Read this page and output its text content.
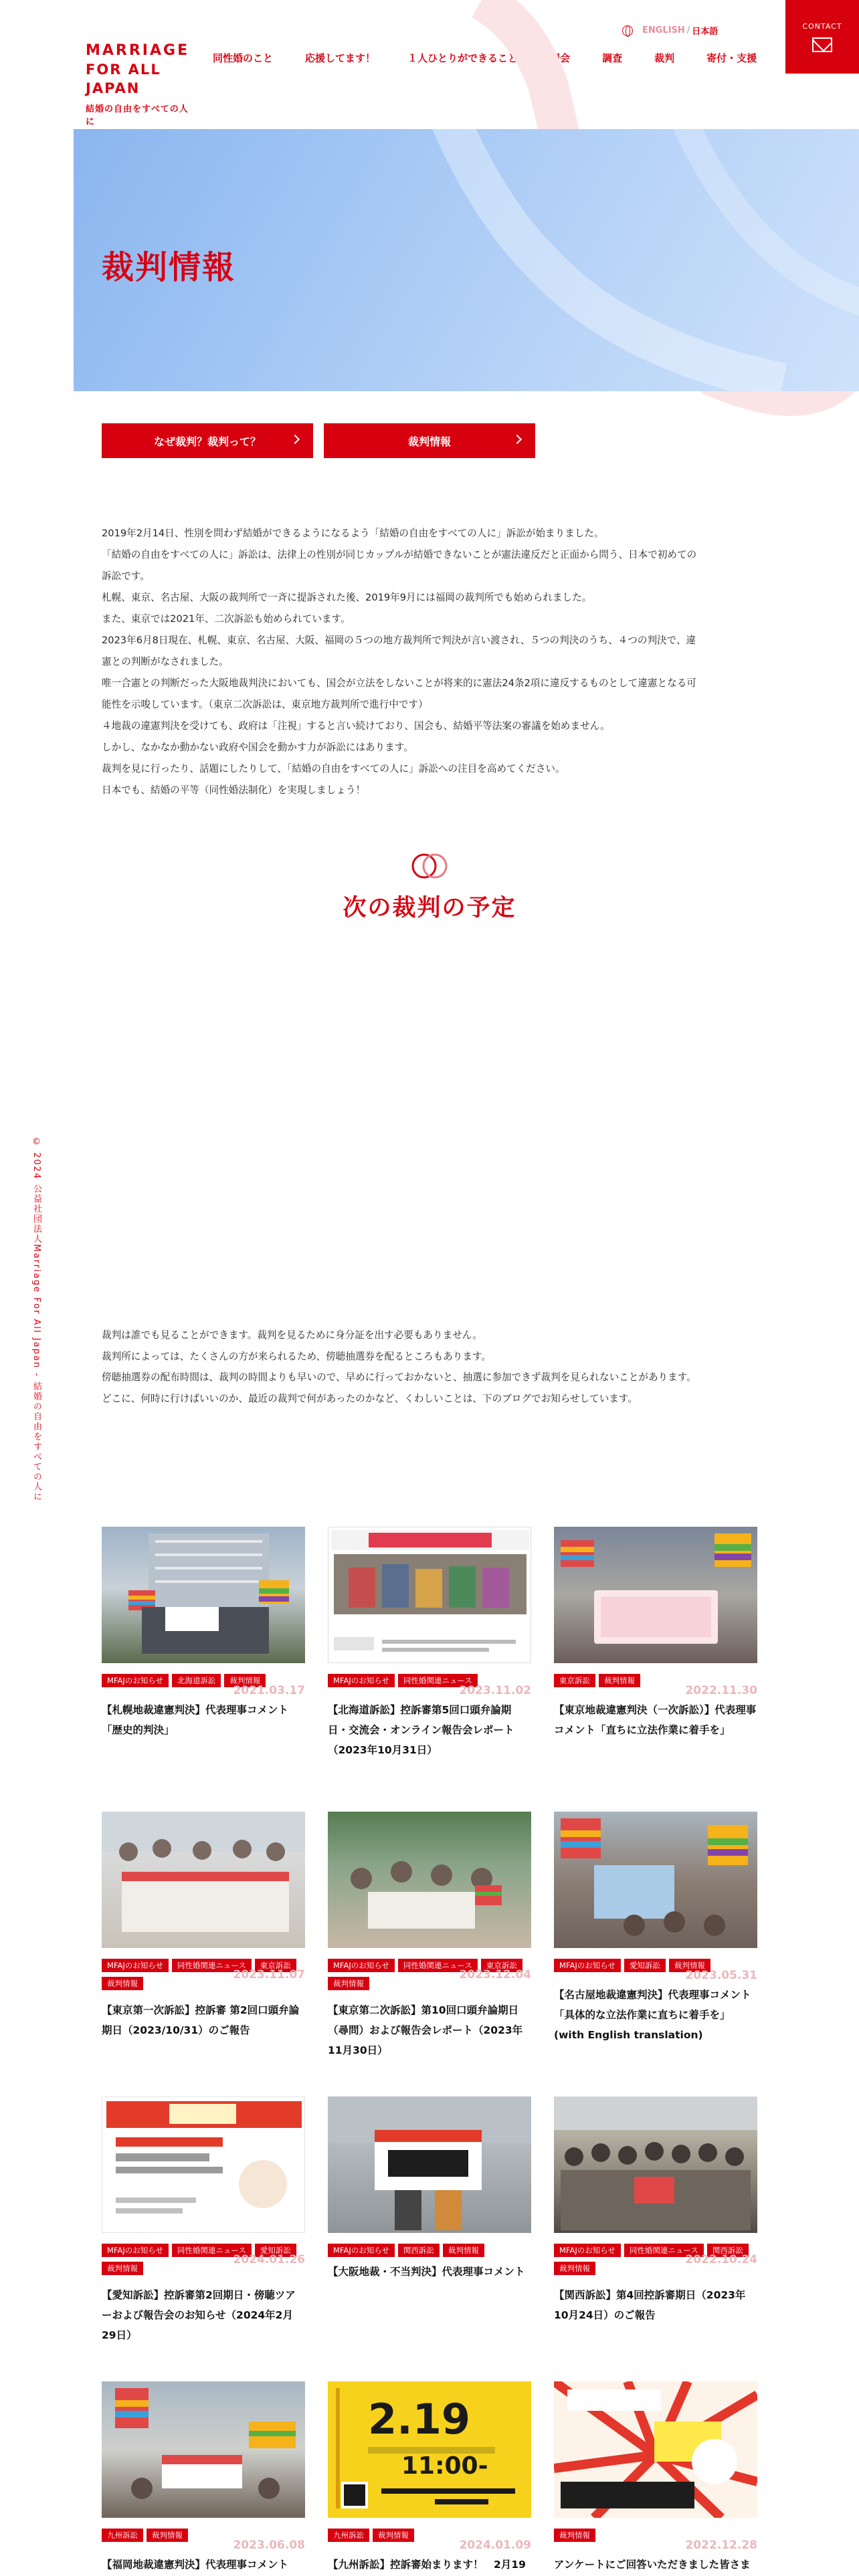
MARRIAGE
FOR ALL JAPAN
結婚の自由をすべての人に
ENGLISH / 日本語
同性婚のこと	応援してます！	１人ひとりができること	国会	調査	裁判	寄付・支援
CONTACT
裁判情報
© 2024 公益社団法人Marriage For All Japan - 結婚の自由をすべての人に
なぜ裁判？裁判って？	裁判情報

2019年2月14日、性別を問わず結婚ができるようになるよう「結婚の自由をすべての人に」訴訟が始まりました。

「結婚の自由をすべての人に」訴訟は、法律上の性別が同じカップルが結婚できないことが憲法違反だと正面から問う、日本で初めての

訴訟です。

札幌、東京、名古屋、大阪の裁判所で一斉に提訴された後、2019年9月には福岡の裁判所でも始められました。

また、東京では2021年、二次訴訟も始められています。

2023年6月8日現在、札幌、東京、名古屋、大阪、福岡の５つの地方裁判所で判決が言い渡され、５つの判決のうち、４つの判決で、違

憲との判断がなされました。

唯一合憲との判断だった大阪地裁判決においても、国会が立法をしないことが将来的に憲法24条2項に違反するものとして違憲となる可

能性を示唆しています。（東京二次訴訟は、東京地方裁判所で進行中です）

４地裁の違憲判決を受けても、政府は「注視」すると言い続けており、国会も、結婚平等法案の審議を始めません。

しかし、なかなか動かない政府や国会を動かす力が訴訟にはあります。

裁判を見に行ったり、話題にしたりして、「結婚の自由をすべての人に」訴訟への注目を高めてください。

日本でも、結婚の平等（同性婚法制化）を実現しましょう！

次の裁判の予定

裁判は誰でも見ることができます。裁判を見るために身分証を出す必要もありません。

裁判所によっては、たくさんの方が来られるため、傍聴抽選券を配るところもあります。

傍聴抽選券の配布時間は、裁判の時間よりも早いので、早めに行っておかないと、抽選に参加できず裁判を見られないことがあります。

どこに、何時に行けばいいのか、最近の裁判で何があったのかなど、くわしいことは、下のブログでお知らせしています。

MFAJのお知らせ	北海道訴訟	裁判情報
2021.03.17
【札幌地裁違憲判決】代表理事コメント「歴史的判決」
MFAJのお知らせ	同性婚関連ニュース
2023.11.02
【北海道訴訟】控訴審第5回口頭弁論期日・交流会・オンライン報告会レポート（2023年10月31日）
東京訴訟	裁判情報
2022.11.30
【東京地裁違憲判決（一次訴訟）】代表理事コメント「直ちに立法作業に着手を」
MFAJのお知らせ	同性婚関連ニュース	東京訴訟
裁判情報
2023.11.07
【東京第一次訴訟】控訴審 第2回口頭弁論期日（2023/10/31）のご報告
MFAJのお知らせ	同性婚関連ニュース	東京訴訟
裁判情報
2023.12.04
【東京第二次訴訟】第10回口頭弁論期日（尋問）および報告会レポート（2023年11月30日）
MFAJのお知らせ	愛知訴訟	裁判情報
2023.05.31
【名古屋地裁違憲判決】代表理事コメント「具体的な立法作業に直ちに着手を」(with English translation)
MFAJのお知らせ	同性婚関連ニュース	愛知訴訟
裁判情報
2024.01.26
【愛知訴訟】控訴審第2回期日・傍聴ツアーおよび報告会のお知らせ（2024年2月29日）
MFAJのお知らせ	関西訴訟	裁判情報
【大阪地裁・不当判決】代表理事コメント
MFAJのお知らせ	同性婚関連ニュース	関西訴訟
裁判情報
2022.10.24
【関西訴訟】第4回控訴審期日（2023年10月24日）のご報告
九州訴訟	裁判情報
2023.06.08
【福岡地裁違憲判決】代表理事コメント
2.19
11:00-
九州訴訟	裁判情報
2024.01.09
【九州訴訟】控訴審始まります！　2月19
裁判情報
2022.12.28
アンケートにご回答いただきました皆さま
